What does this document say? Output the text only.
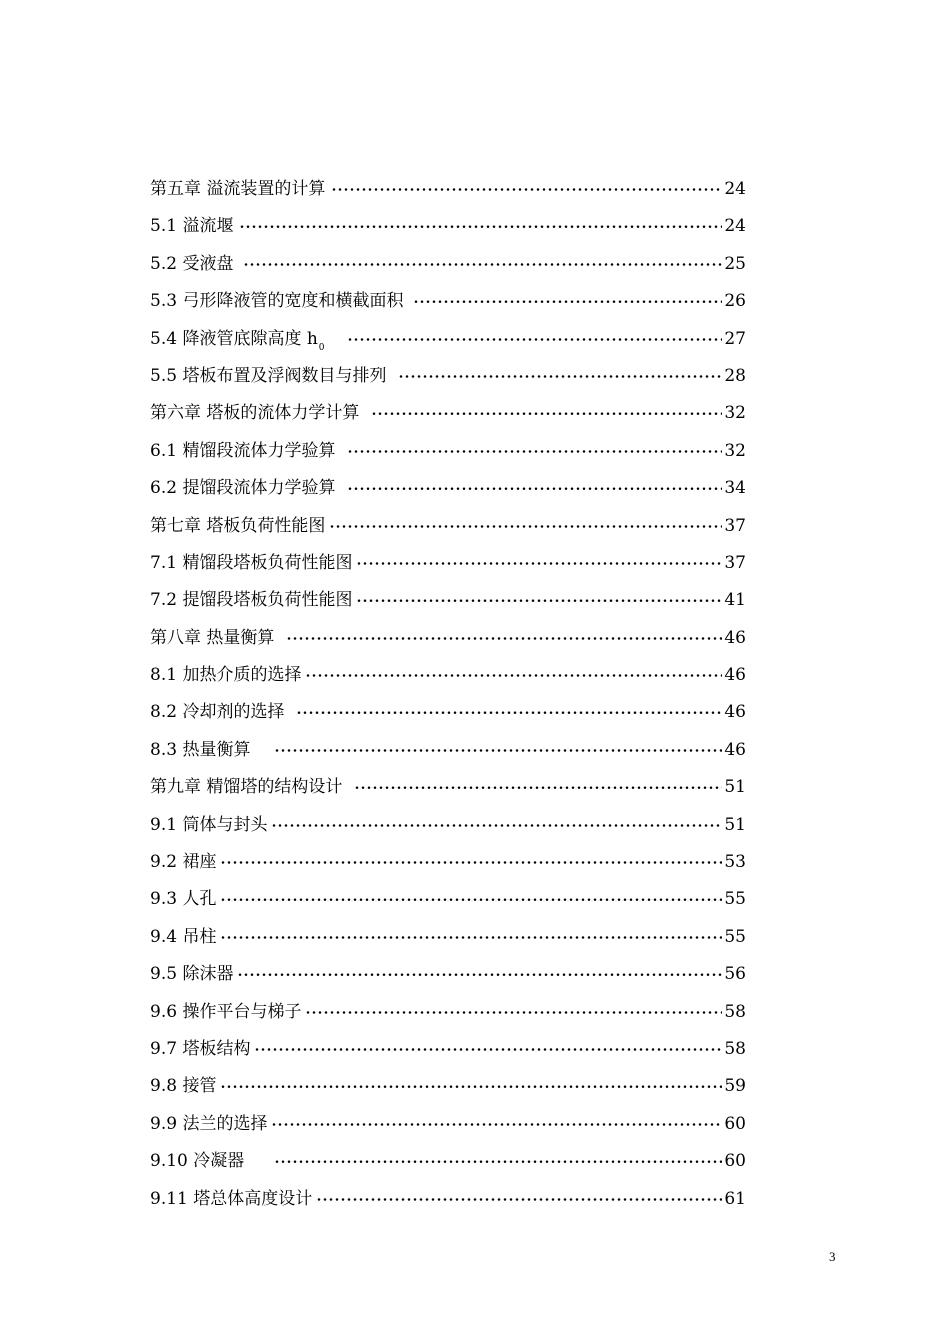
第五章 溢流装置的计算	24
5.1 溢流堰	24
5.2 受液盘	25
5.3 弓形降液管的宽度和横截面积	26
5.4 降液管底隙高度 $h_0$	27
5.5 塔板布置及浮阀数目与排列	28
第六章 塔板的流体力学计算	32
6.1 精馏段流体力学验算	32
6.2 提馏段流体力学验算	34
第七章 塔板负荷性能图	37
7.1 精馏段塔板负荷性能图	37
7.2 提馏段塔板负荷性能图	41
第八章 热量衡算	46
8.1 加热介质的选择	46
8.2 冷却剂的选择	46
8.3 热量衡算	46
第九章 精馏塔的结构设计	51
9.1 筒体与封头	51
9.2 裙座	53
9.3 人孔	55
9.4 吊柱	55
9.5 除沫器	56
9.6 操作平台与梯子	58
9.7 塔板结构	58
9.8 接管	59
9.9 法兰的选择	60
9.10 冷凝器	60
9.11 塔总体高度设计	61
3
